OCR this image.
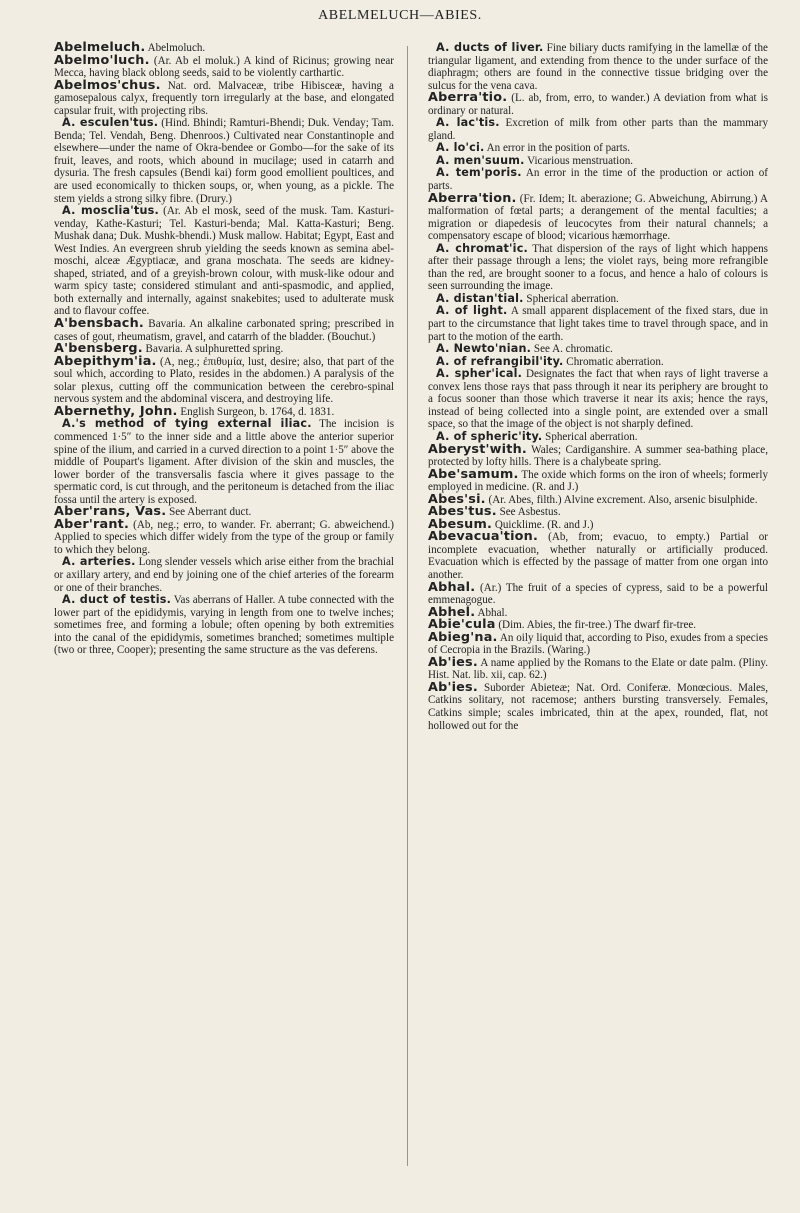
ABELMELUCH—ABIES.

Abelmeluch. Abelmoluch.

Abelmo'luch. (Ar. Ab el moluk.) A kind of Ricinus; growing near Mecca, having black oblong seeds, said to be violently carthartic.

Abelmos'chus. Nat. ord. Malvaceæ, tribe Hibisceæ, having a gamosepalous calyx, frequently torn irregularly at the base, and elongated capsular fruit, with projecting ribs.

A. esculen'tus. (Hind. Bhindi; Ramturi-Bhendi; Duk. Venday; Tam. Benda; Tel. Vendah, Beng. Dhenroos.) Cultivated near Constantinople and elsewhere—under the name of Okra-bendee or Gombo—for the sake of its fruit, leaves, and roots, which abound in mucilage; used in catarrh and dysuria. The fresh capsules (Bendi kai) form good emollient poultices, and are used economically to thicken soups, or, when young, as a pickle. The stem yields a strong silky fibre. (Drury.)

A. mosclia'tus. (Ar. Ab el mosk, seed of the musk. Tam. Kasturi-venday, Kathe-Kasturi; Tel. Kasturi-benda; Mal. Katta-Kasturi; Beng. Mushak dana; Duk. Mushk-bhendi.) Musk mallow. Habitat; Egypt, East and West Indies. An evergreen shrub yielding the seeds known as semina abel-moschi, alceæ Ægyptiacæ, and grana moschata. The seeds are kidney-shaped, striated, and of a greyish-brown colour, with musk-like odour and warm spicy taste; considered stimulant and anti-spasmodic, and applied, both externally and internally, against snakebites; used to adulterate musk and to flavour coffee.

A'bensbach. Bavaria. An alkaline carbonated spring; prescribed in cases of gout, rheumatism, gravel, and catarrh of the bladder. (Bouchut.)

A'bensberg. Bavaria. A sulphuretted spring.

Abepithym'ia. (A, neg.; ἐπιθυμία, lust, desire; also, that part of the soul which, according to Plato, resides in the abdomen.) A paralysis of the solar plexus, cutting off the communication between the cerebro-spinal nervous system and the abdominal viscera, and destroying life.

Abernethy, John. English Surgeon, b. 1764, d. 1831.

A.'s method of tying external iliac. The incision is commenced 1·5″ to the inner side and a little above the anterior superior spine of the ilium, and carried in a curved direction to a point 1·5″ above the middle of Poupart's ligament. After division of the skin and muscles, the lower border of the transversalis fascia where it gives passage to the spermatic cord, is cut through, and the peritoneum is detached from the iliac fossa until the artery is exposed.

Aber'rans, Vas. See Aberrant duct.

Aber'rant. (Ab, neg.; erro, to wander. Fr. aberrant; G. abweichend.) Applied to species which differ widely from the type of the group or family to which they belong.

A. arteries. Long slender vessels which arise either from the brachial or axillary artery, and end by joining one of the chief arteries of the forearm or one of their branches.

A. duct of testis. Vas aberrans of Haller. A tube connected with the lower part of the epididymis, varying in length from one to twelve inches; sometimes free, and forming a lobule; often opening by both extremities into the canal of the epididymis, sometimes branched; sometimes multiple (two or three, Cooper); presenting the same structure as the vas deferens.

A. ducts of liver. Fine biliary ducts ramifying in the lamellæ of the triangular ligament, and extending from thence to the under surface of the diaphragm; others are found in the connective tissue bridging over the sulcus for the vena cava.

Aberra'tio. (L. ab, from, erro, to wander.) A deviation from what is ordinary or natural.

A. lac'tis. Excretion of milk from other parts than the mammary gland.

A. lo'ci. An error in the position of parts.

A. men'suum. Vicarious menstruation.

A. tem'poris. An error in the time of the production or action of parts.

Aberra'tion. (Fr. Idem; It. aberazione; G. Abweichung, Abirrung.) A malformation of fœtal parts; a derangement of the mental faculties; a migration or diapedesis of leucocytes from their natural channels; a compensatory escape of blood; vicarious hæmorrhage.

A. chromat'ic. That dispersion of the rays of light which happens after their passage through a lens; the violet rays, being more refrangible than the red, are brought sooner to a focus, and hence a halo of colours is seen surrounding the image.

A. distan'tial. Spherical aberration.

A. of light. A small apparent displacement of the fixed stars, due in part to the circumstance that light takes time to travel through space, and in part to the motion of the earth.

A. Newto'nian. See A. chromatic.

A. of refrangibil'ity. Chromatic aberration.

A. spher'ical. Designates the fact that when rays of light traverse a convex lens those rays that pass through it near its periphery are brought to a focus sooner than those which traverse it near its axis; hence the rays, instead of being collected into a single point, are extended over a small space, so that the image of the object is not sharply defined.

A. of spheric'ity. Spherical aberration.

Aberyst'with. Wales; Cardiganshire. A summer sea-bathing place, protected by lofty hills. There is a chalybeate spring.

Abe'samum. The oxide which forms on the iron of wheels; formerly employed in medicine. (R. and J.)

Abes'si. (Ar. Abes, filth.) Alvine excrement. Also, arsenic bisulphide.

Abes'tus. See Asbestus.

Abesum. Quicklime. (R. and J.)

Abevacua'tion. (Ab, from; evacuo, to empty.) Partial or incomplete evacuation, whether naturally or artificially produced. Evacuation which is effected by the passage of matter from one organ into another.

Abhal. (Ar.) The fruit of a species of cypress, said to be a powerful emmenagogue.

Abhel. Abhal.

Abie'cula (Dim. Abies, the fir-tree.) The dwarf fir-tree.

Abieg'na. An oily liquid that, according to Piso, exudes from a species of Cecropia in the Brazils. (Waring.)

Ab'ies. A name applied by the Romans to the Elate or date palm. (Pliny. Hist. Nat. lib. xii, cap. 62.)

Ab'ies. Suborder Abieteæ; Nat. Ord. Coniferæ. Monœcious. Males, Catkins solitary, not racemose; anthers bursting transversely. Females, Catkins simple; scales imbricated, thin at the apex, rounded, flat, not hollowed out for the
